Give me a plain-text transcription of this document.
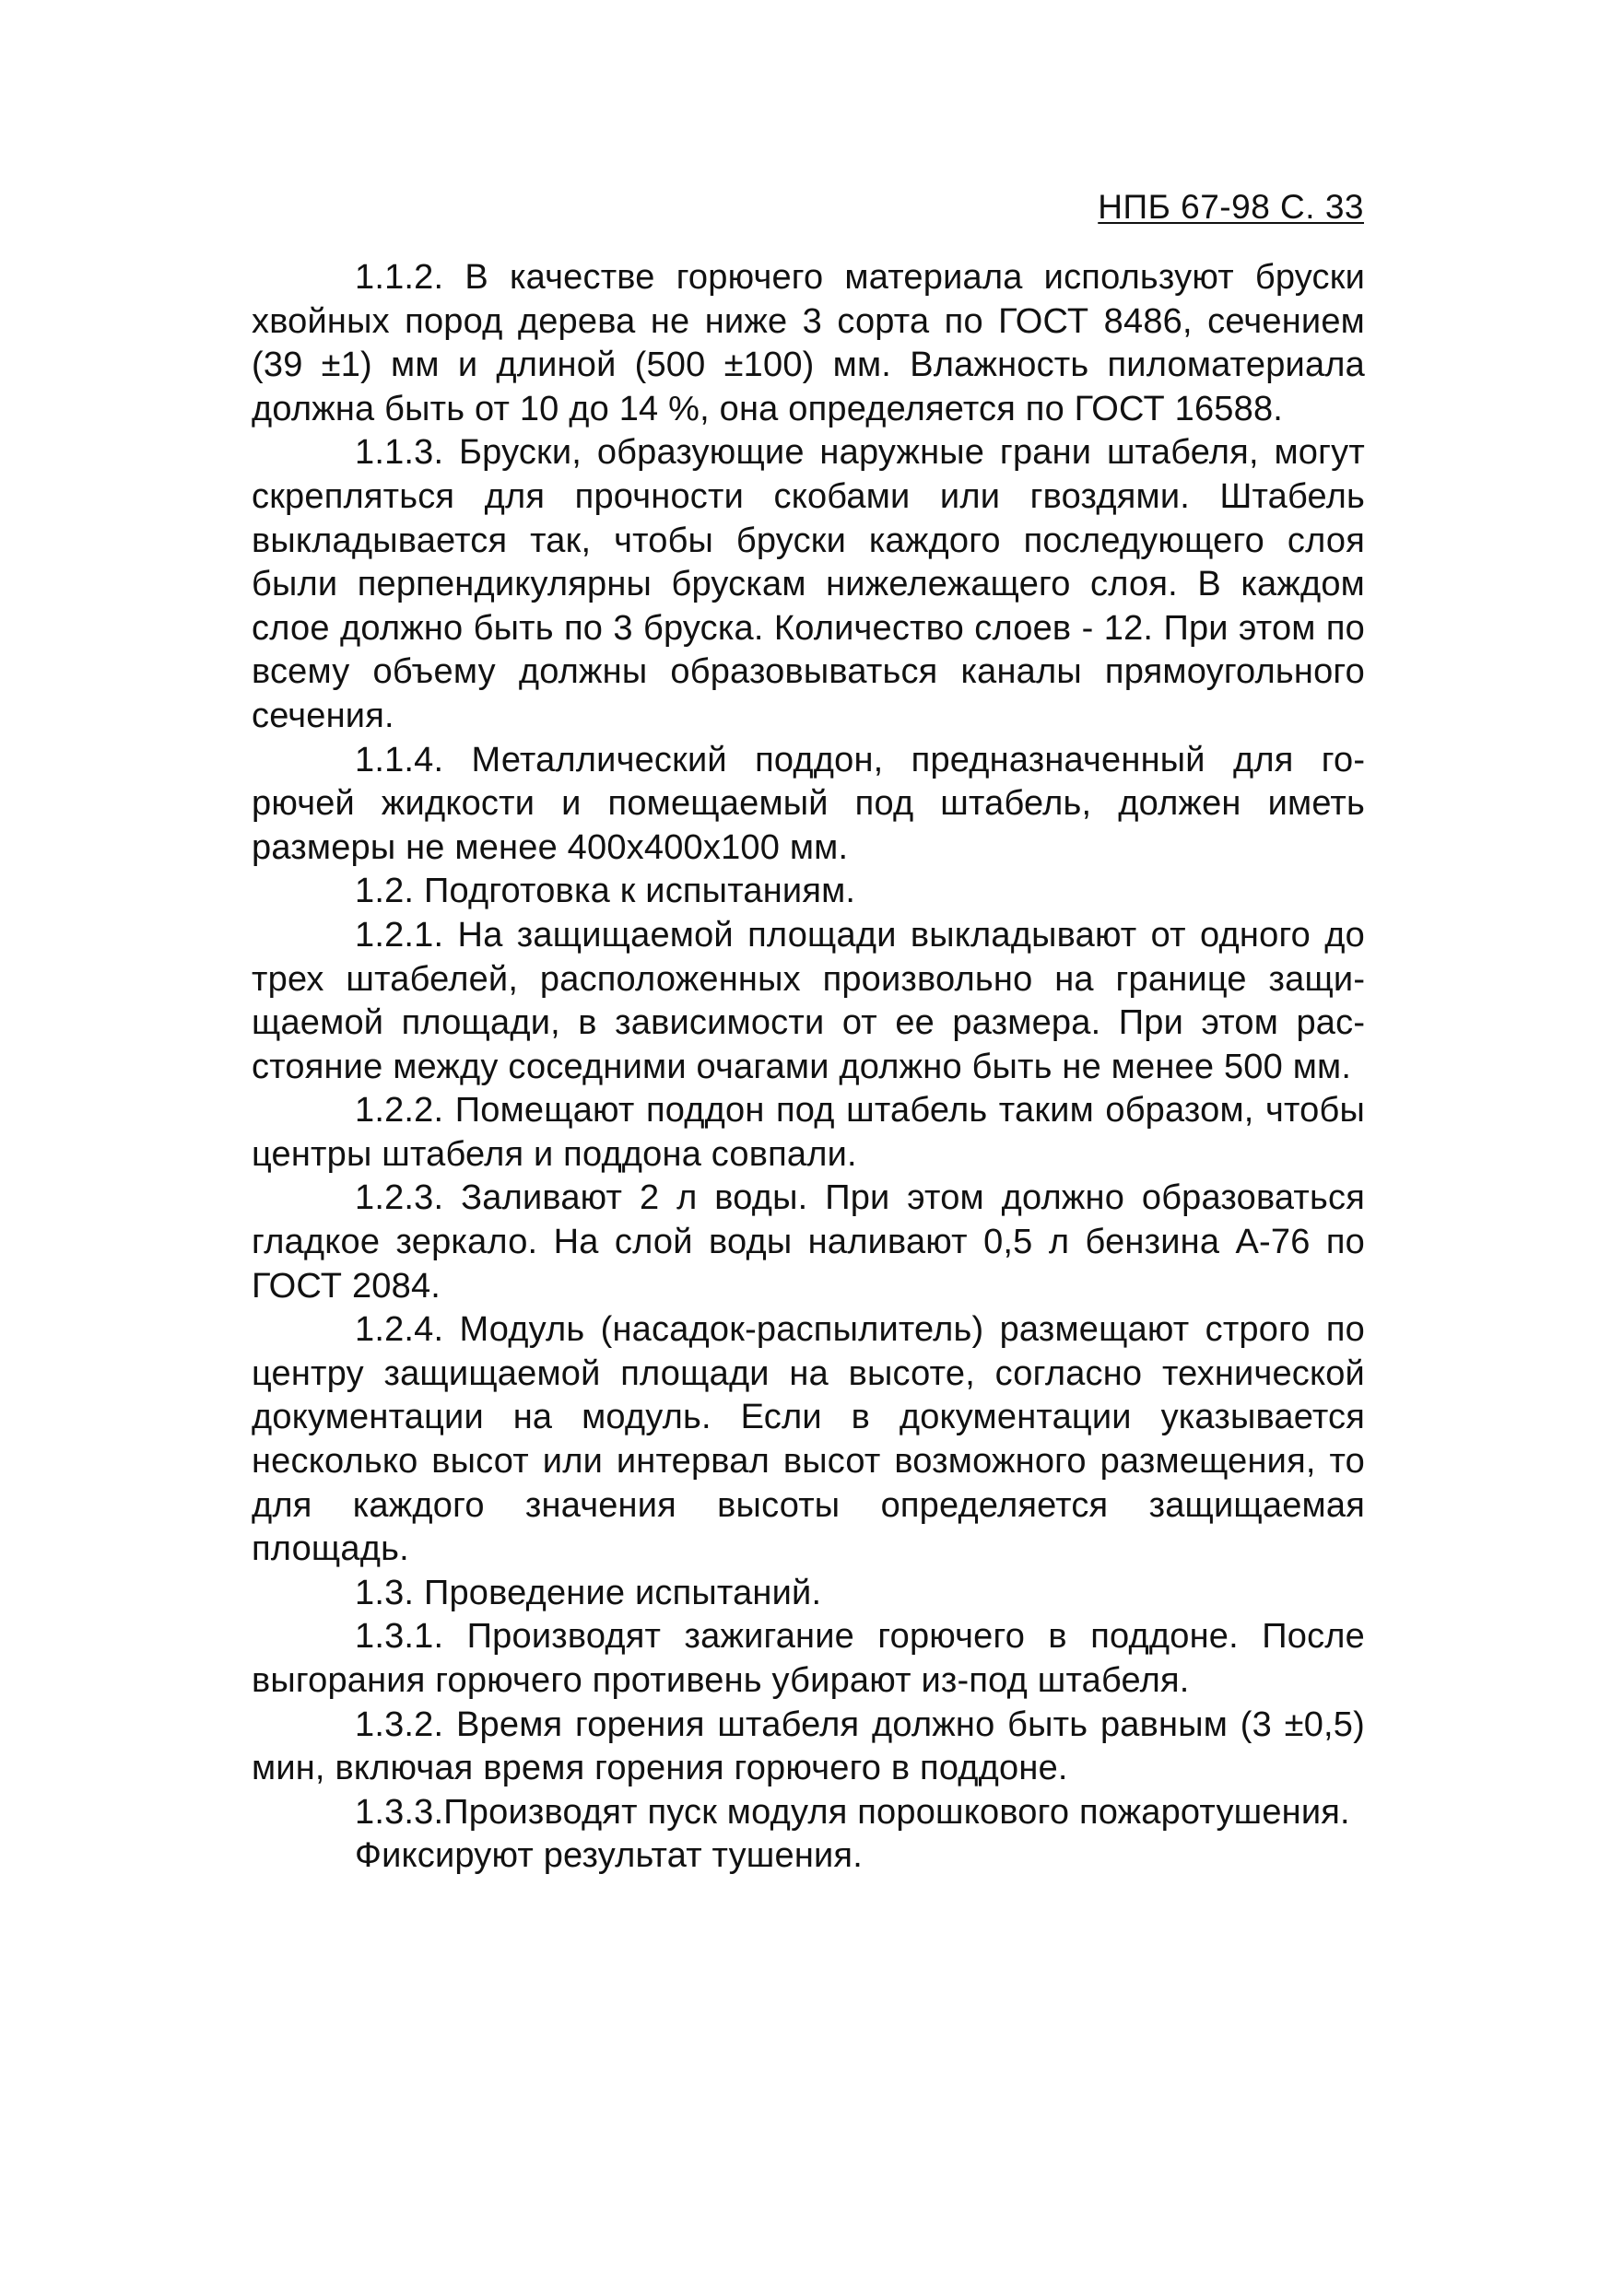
НПБ 67-98 С. 33

1.1.2. В качестве горючего материала используют бруски хвойных пород дерева не ниже 3 сорта по ГОСТ 8486, сечением (39 ±1) мм и длиной (500 ±100) мм. Влажность пиломатериала должна быть от 10 до 14 %, она определяется по ГОСТ 16588.

1.1.3. Бруски, образующие наружные грани штабеля, могут скрепляться для прочности скобами или гвоздями. Штабель выкладывается так, чтобы бруски каждого последующего слоя были перпендикулярны брускам нижележащего слоя. В каждом слое должно быть по 3 бруска. Количество слоев - 12. При этом по всему объему должны образовываться каналы прямоугольного сечения.

1.1.4. Металлический поддон, предназначенный для горючей жидкости и помещаемый под штабель, должен иметь размеры не менее 400х400х100 мм.

1.2. Подготовка к испытаниям.

1.2.1. На защищаемой площади выкладывают от одного до трех штабелей, расположенных произвольно на границе защищаемой площади, в зависимости от ее размера. При этом расстояние между соседними очагами должно быть не менее 500 мм.

1.2.2. Помещают поддон под штабель таким образом, чтобы центры штабеля и поддона совпали.

1.2.3. Заливают 2 л воды. При этом должно образоваться гладкое зеркало. На слой воды наливают 0,5 л бензина А-76 по ГОСТ 2084.

1.2.4. Модуль (насадок-распылитель) размещают строго по центру защищаемой площади на высоте, согласно технической документации на модуль. Если в документации указывается несколько высот или интервал высот возможного размещения, то для каждого значения высоты определяется защищаемая площадь.

1.3. Проведение испытаний.

1.3.1. Производят зажигание горючего в поддоне. После выгорания горючего противень убирают из-под штабеля.

1.3.2. Время горения штабеля должно быть равным (3 ±0,5) мин, включая время горения горючего в поддоне.

1.3.3.Производят пуск модуля порошкового пожаротушения.

Фиксируют результат тушения.
